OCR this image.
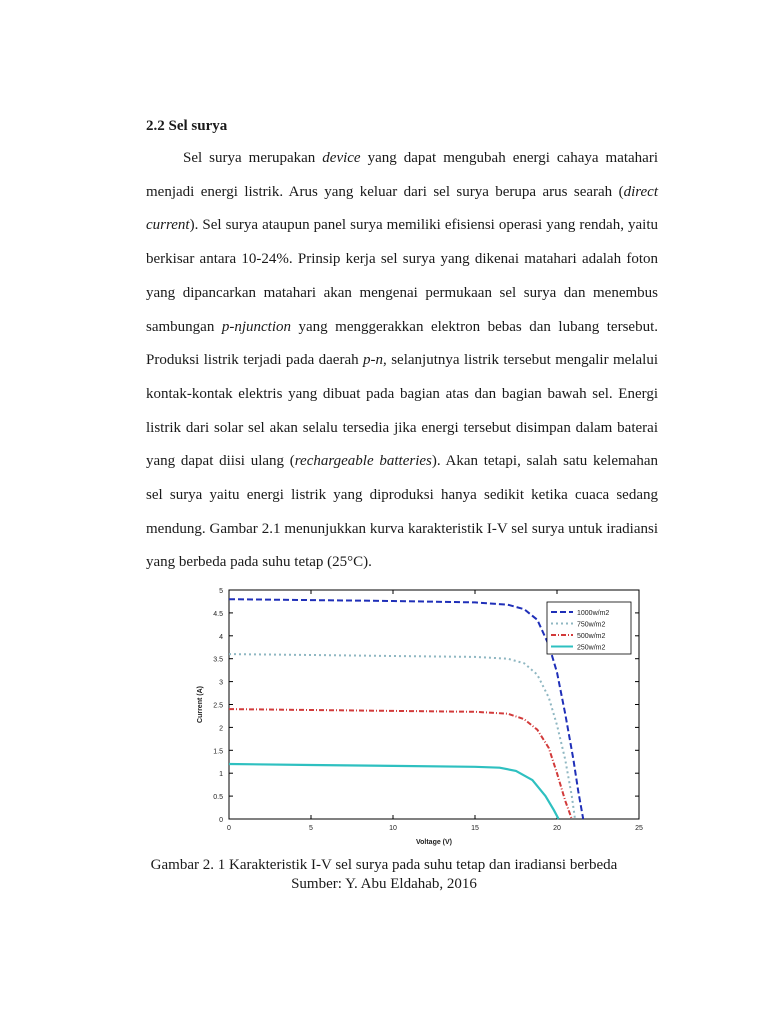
2.2 Sel surya
Sel surya merupakan device yang dapat mengubah energi cahaya matahari menjadi energi listrik. Arus yang keluar dari sel surya berupa arus searah (direct current). Sel surya ataupun panel surya memiliki efisiensi operasi yang rendah, yaitu berkisar antara 10-24%. Prinsip kerja sel surya yang dikenai matahari adalah foton yang dipancarkan matahari akan mengenai permukaan sel surya dan menembus sambungan p-njunction yang menggerakkan elektron bebas dan lubang tersebut. Produksi listrik terjadi pada daerah p-n, selanjutnya listrik tersebut mengalir melalui kontak-kontak elektris yang dibuat pada bagian atas dan bagian bawah sel. Energi listrik dari solar sel akan selalu tersedia jika energi tersebut disimpan dalam baterai yang dapat diisi ulang (rechargeable batteries). Akan tetapi, salah satu kelemahan sel surya yaitu energi listrik yang diproduksi hanya sedikit ketika cuaca sedang mendung. Gambar 2.1 menunjukkan kurva karakteristik I-V sel surya untuk iradiansi yang berbeda pada suhu tetap (25°C).
0
0.5
1
1.5
2
2.5
3
3.5
4
4.5
5
0	5	10	15	20	25
Voltage (V)
Current (A)
1000w/m2
750w/m2
500w/m2
250w/m2
Gambar 2. 1 Karakteristik I-V sel surya pada suhu tetap dan iradiansi berbeda
Sumber: Y. Abu Eldahab, 2016
